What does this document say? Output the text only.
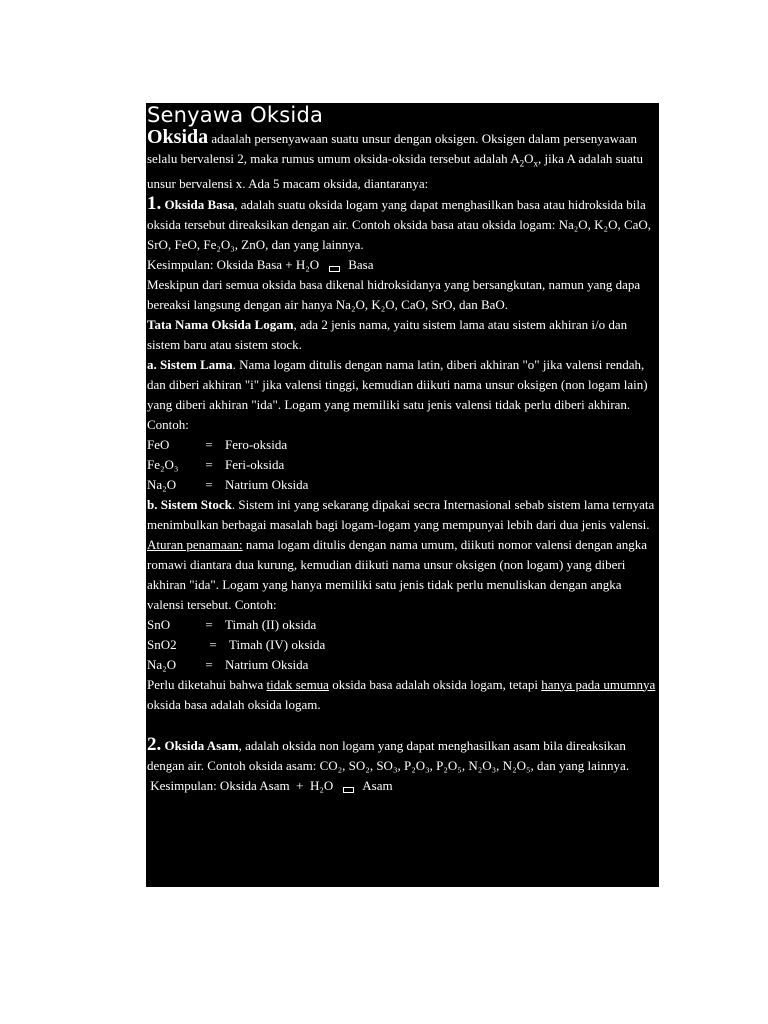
Senyawa Oksida

Oksida adaalah persenyawaan suatu unsur dengan oksigen. Oksigen dalam persenyawaan selalu bervalensi 2, maka rumus umum oksida-oksida tersebut adalah $A_2O_x$, jika A adalah suatu unsur bervalensi x. Ada 5 macam oksida, diantaranya:

1. Oksida Basa, adalah suatu oksida logam yang dapat menghasilkan basa atau hidroksida bila oksida tersebut direaksikan dengan air. Contoh oksida basa atau oksida logam: Na₂O, K₂O, CaO, SrO, FeO, Fe₂O₃, ZnO, dan yang lainnya.

Kesimpulan: Oksida Basa + H₂O Basa

Meskipun dari semua oksida basa dikenal hidroksidanya yang bersangkutan, namun yang dapa bereaksi langsung dengan air hanya Na₂O, K₂O, CaO, SrO, dan BaO.

Tata Nama Oksida Logam, ada 2 jenis nama, yaitu sistem lama atau sistem akhiran i/o dan sistem baru atau sistem stock.

a. Sistem Lama. Nama logam ditulis dengan nama latin, diberi akhiran "o" jika valensi rendah, dan diberi akhiran "i" jika valensi tinggi, kemudian diikuti nama unsur oksigen (non logam lain) yang diberi akhiran "ida". Logam yang memiliki satu jenis valensi tidak perlu diberi akhiran. Contoh:

FeO	= Fero-oksida
Fe₂O₃	= Feri-oksida
Na₂O	= Natrium Oksida

b. Sistem Stock. Sistem ini yang sekarang dipakai secra Internasional sebab sistem lama ternyata menimbulkan berbagai masalah bagi logam-logam yang mempunyai lebih dari dua jenis valensi. Aturan penamaan: nama logam ditulis dengan nama umum, diikuti nomor valensi dengan angka romawi diantara dua kurung, kemudian diikuti nama unsur oksigen (non logam) yang diberi akhiran "ida". Logam yang hanya memiliki satu jenis tidak perlu menuliskan dengan angka valensi tersebut. Contoh:

SnO	= Timah (II) oksida
SnO2	= Timah (IV) oksida
Na₂O	= Natrium Oksida

Perlu diketahui bahwa tidak semua oksida basa adalah oksida logam, tetapi hanya pada umumnya oksida basa adalah oksida logam.

2. Oksida Asam, adalah oksida non logam yang dapat menghasilkan asam bila direaksikan dengan air. Contoh oksida asam: CO₂, SO₂, SO₃, P₂O₃, P₂O₅, N₂O₃, N₂O₅, dan yang lainnya.

Kesimpulan: Oksida Asam  +  H₂O Asam
